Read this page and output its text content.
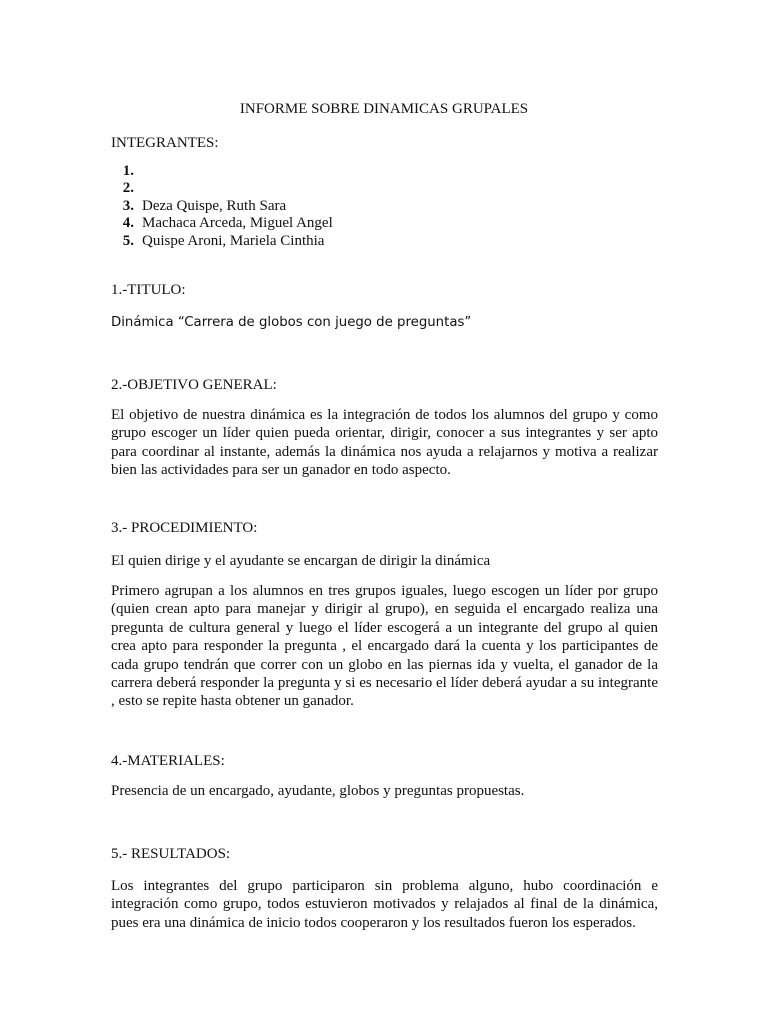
INFORME SOBRE DINAMICAS GRUPALES

INTEGRANTES:

1.
2.
3. Deza Quispe, Ruth Sara
4. Machaca Arceda, Miguel Angel
5. Quispe Aroni, Mariela Cinthia

1.-TITULO:

Dinámica “Carrera de globos con juego de preguntas”

2.-OBJETIVO GENERAL:

El objetivo de nuestra dinámica es la integración de todos los alumnos del grupo y como grupo escoger un líder quien pueda orientar, dirigir, conocer a sus integrantes y ser apto para coordinar al instante, además la dinámica nos ayuda a relajarnos y motiva a realizar bien las actividades para ser un ganador en todo aspecto.

3.- PROCEDIMIENTO:

El quien dirige y el ayudante se encargan de dirigir la dinámica

Primero agrupan a los alumnos en tres grupos iguales, luego escogen un líder por grupo (quien crean apto para manejar y dirigir al grupo), en seguida el encargado realiza una pregunta de cultura general y luego el líder escogerá a un integrante del grupo al quien crea apto para responder la pregunta , el encargado dará la cuenta y los participantes de cada grupo tendrán que correr con un globo en las piernas ida y vuelta, el ganador de la carrera deberá responder la pregunta y si es necesario el líder deberá ayudar a su integrante , esto se repite hasta obtener un ganador.

4.-MATERIALES:

Presencia de un encargado, ayudante, globos y preguntas propuestas.

5.- RESULTADOS:

Los integrantes del grupo participaron sin problema alguno, hubo coordinación e integración como grupo, todos estuvieron motivados y relajados al final de la dinámica, pues era una dinámica de inicio todos cooperaron y los resultados fueron los esperados.
